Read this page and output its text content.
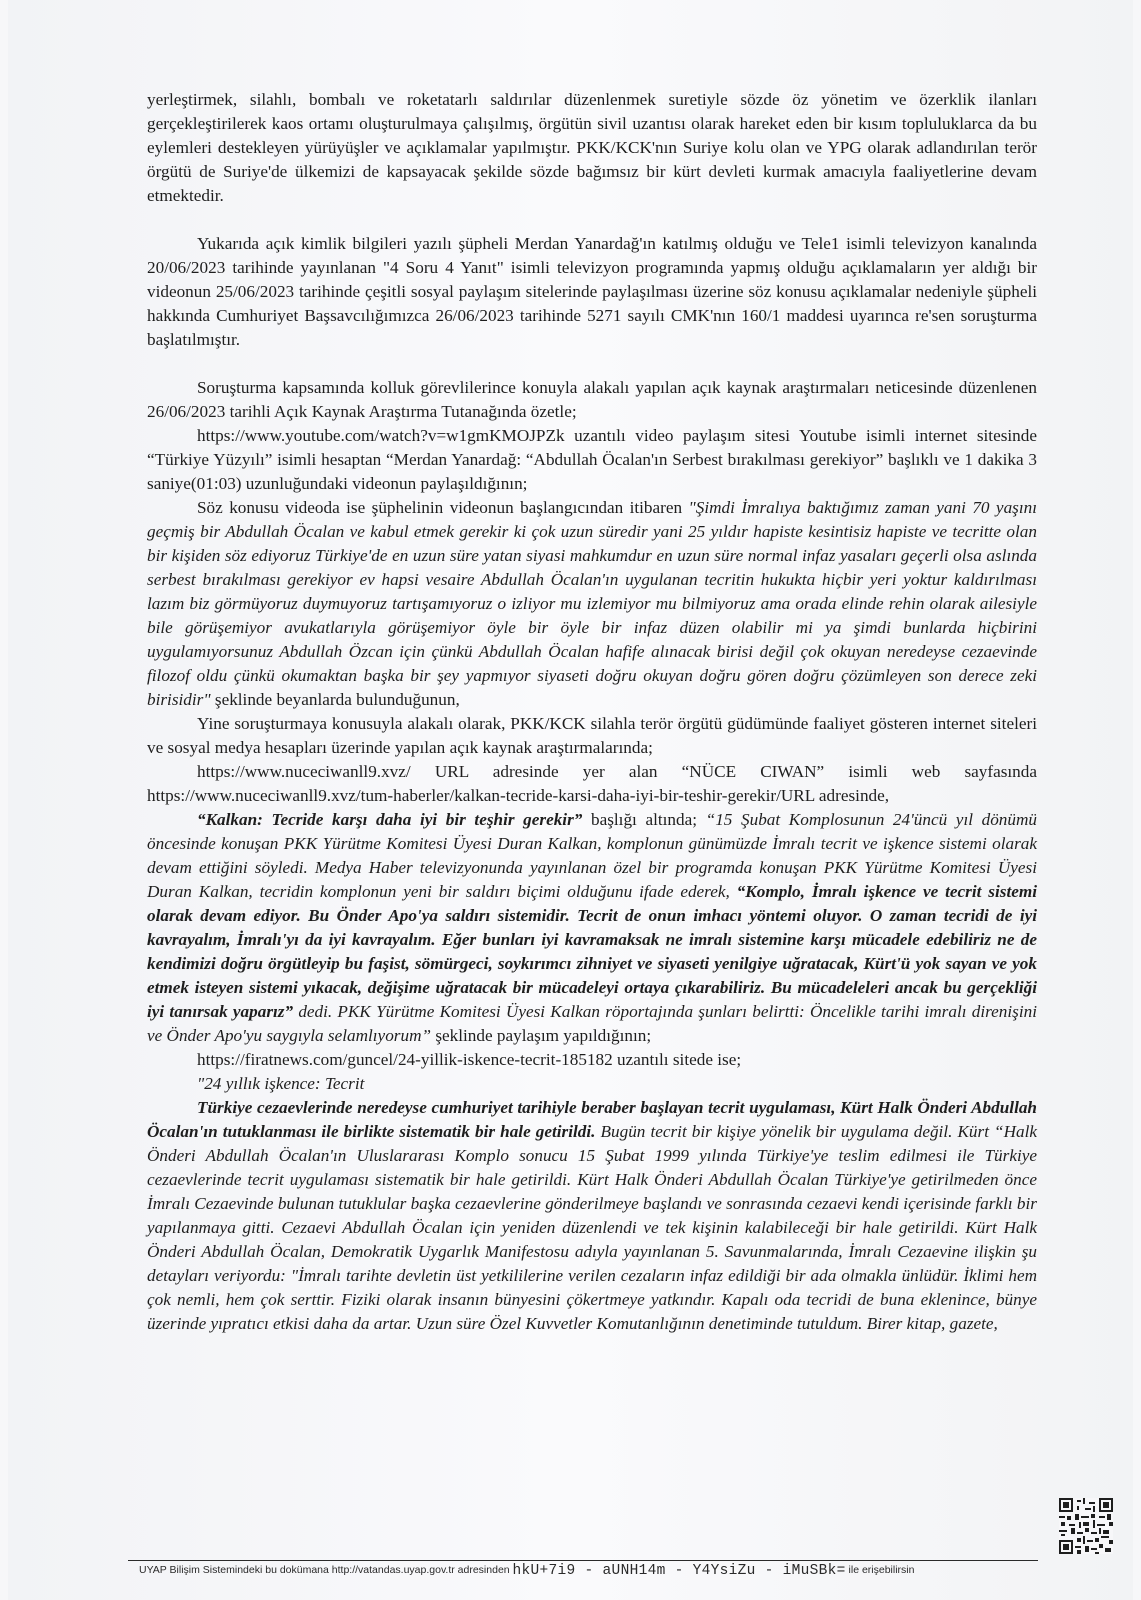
yerleştirmek, silahlı, bombalı ve roketatarlı saldırılar düzenlenmek suretiyle sözde öz yönetim ve özerklik ilanları gerçekleştirilerek kaos ortamı oluşturulmaya çalışılmış, örgütün sivil uzantısı olarak hareket eden bir kısım topluluklarca da bu eylemleri destekleyen yürüyüşler ve açıklamalar yapılmıştır. PKK/KCK'nın Suriye kolu olan ve YPG olarak adlandırılan terör örgütü de Suriye'de ülkemizi de kapsayacak şekilde sözde bağımsız bir kürt devleti kurmak amacıyla faaliyetlerine devam etmektedir.

Yukarıda açık kimlik bilgileri yazılı şüpheli Merdan Yanardağ'ın katılmış olduğu ve Tele1 isimli televizyon kanalında 20/06/2023 tarihinde yayınlanan "4 Soru 4 Yanıt" isimli televizyon programında yapmış olduğu açıklamaların yer aldığı bir videonun 25/06/2023 tarihinde çeşitli sosyal paylaşım sitelerinde paylaşılması üzerine söz konusu açıklamalar nedeniyle şüpheli hakkında Cumhuriyet Başsavcılığımızca 26/06/2023 tarihinde 5271 sayılı CMK'nın 160/1 maddesi uyarınca re'sen soruşturma başlatılmıştır.

Soruşturma kapsamında kolluk görevlilerince konuyla alakalı yapılan açık kaynak araştırmaları neticesinde düzenlenen 26/06/2023 tarihli Açık Kaynak Araştırma Tutanağında özetle;

https://www.youtube.com/watch?v=w1gmKMOJPZk uzantılı video paylaşım sitesi Youtube isimli internet sitesinde “Türkiye Yüzyılı” isimli hesaptan “Merdan Yanardağ: “Abdullah Öcalan'ın Serbest bırakılması gerekiyor” başlıklı ve 1 dakika 3 saniye(01:03) uzunluğundaki videonun paylaşıldığının;

Söz konusu videoda ise şüphelinin videonun başlangıcından itibaren "Şimdi İmralıya baktığımız zaman yani 70 yaşını geçmiş bir Abdullah Öcalan ve kabul etmek gerekir ki çok uzun süredir yani 25 yıldır hapiste kesintisiz hapiste ve tecritte olan bir kişiden söz ediyoruz Türkiye'de en uzun süre yatan siyasi mahkumdur en uzun süre normal infaz yasaları geçerli olsa aslında serbest bırakılması gerekiyor ev hapsi vesaire Abdullah Öcalan'ın uygulanan tecritin hukukta hiçbir yeri yoktur kaldırılması lazım biz görmüyoruz duymuyoruz tartışamıyoruz o izliyor mu izlemiyor mu bilmiyoruz ama orada elinde rehin olarak ailesiyle bile görüşemiyor avukatlarıyla görüşemiyor öyle bir öyle bir infaz düzen olabilir mi ya şimdi bunlarda hiçbirini uygulamıyorsunuz Abdullah Özcan için çünkü Abdullah Öcalan hafife alınacak birisi değil çok okuyan neredeyse cezaevinde filozof oldu çünkü okumaktan başka bir şey yapmıyor siyaseti doğru okuyan doğru gören doğru çözümleyen son derece zeki birisidir" şeklinde beyanlarda bulunduğunun,

Yine soruşturmaya konusuyla alakalı olarak, PKK/KCK silahla terör örgütü güdümünde faaliyet gösteren internet siteleri ve sosyal medya hesapları üzerinde yapılan açık kaynak araştırmalarında;

https://www.nuceciwanll9.xvz/ URL adresinde yer alan “NÜCE CIWAN” isimli web sayfasında https://www.nuceciwanll9.xvz/tum-haberler/kalkan-tecride-karsi-daha-iyi-bir-teshir-gerekir/URL adresinde,

“Kalkan: Tecride karşı daha iyi bir teşhir gerekir” başlığı altında; “15 Şubat Komplosunun 24'üncü yıl dönümü öncesinde konuşan PKK Yürütme Komitesi Üyesi Duran Kalkan, komplonun günümüzde İmralı tecrit ve işkence sistemi olarak devam ettiğini söyledi. Medya Haber televizyonunda yayınlanan özel bir programda konuşan PKK Yürütme Komitesi Üyesi Duran Kalkan, tecridin komplonun yeni bir saldırı biçimi olduğunu ifade ederek, “Komplo, İmralı işkence ve tecrit sistemi olarak devam ediyor. Bu Önder Apo'ya saldırı sistemidir. Tecrit de onun imhacı yöntemi oluyor. O zaman tecridi de iyi kavrayalım, İmralı'yı da iyi kavrayalım. Eğer bunları iyi kavramaksak ne imralı sistemine karşı mücadele edebiliriz ne de kendimizi doğru örgütleyip bu faşist, sömürgeci, soykırımcı zihniyet ve siyaseti yenilgiye uğratacak, Kürt'ü yok sayan ve yok etmek isteyen sistemi yıkacak, değişime uğratacak bir mücadeleyi ortaya çıkarabiliriz. Bu mücadeleleri ancak bu gerçekliği iyi tanırsak yaparız” dedi. PKK Yürütme Komitesi Üyesi Kalkan röportajında şunları belirtti: Öncelikle tarihi imralı direnişini ve Önder Apo'yu saygıyla selamlıyorum” şeklinde paylaşım yapıldığının;

https://firatnews.com/guncel/24-yillik-iskence-tecrit-185182 uzantılı sitede ise;

"24 yıllık işkence: Tecrit

Türkiye cezaevlerinde neredeyse cumhuriyet tarihiyle beraber başlayan tecrit uygulaması, Kürt Halk Önderi Abdullah Öcalan'ın tutuklanması ile birlikte sistematik bir hale getirildi. Bugün tecrit bir kişiye yönelik bir uygulama değil. Kürt “Halk Önderi Abdullah Öcalan'ın Uluslararası Komplo sonucu 15 Şubat 1999 yılında Türkiye'ye teslim edilmesi ile Türkiye cezaevlerinde tecrit uygulaması sistematik bir hale getirildi. Kürt Halk Önderi Abdullah Öcalan Türkiye'ye getirilmeden önce İmralı Cezaevinde bulunan tutuklular başka cezaevlerine gönderilmeye başlandı ve sonrasında cezaevi kendi içerisinde farklı bir yapılanmaya gitti. Cezaevi Abdullah Öcalan için yeniden düzenlendi ve tek kişinin kalabileceği bir hale getirildi. Kürt Halk Önderi Abdullah Öcalan, Demokratik Uygarlık Manifestosu adıyla yayınlanan 5. Savunmalarında, İmralı Cezaevine ilişkin şu detayları veriyordu: "İmralı tarihte devletin üst yetkililerine verilen cezaların infaz edildiği bir ada olmakla ünlüdür. İklimi hem çok nemli, hem çok serttir. Fiziki olarak insanın bünyesini çökertmeye yatkındır. Kapalı oda tecridi de buna eklenince, bünye üzerinde yıpratıcı etkisi daha da artar. Uzun süre Özel Kuvvetler Komutanlığının denetiminde tutuldum. Birer kitap, gazete,

UYAP Bilişim Sistemindeki bu dokümana http://vatandas.uyap.gov.tr adresinden hkU+7i9 - aUNH14m - Y4YsiZu - iMuSBk= ile erişebilirsin
